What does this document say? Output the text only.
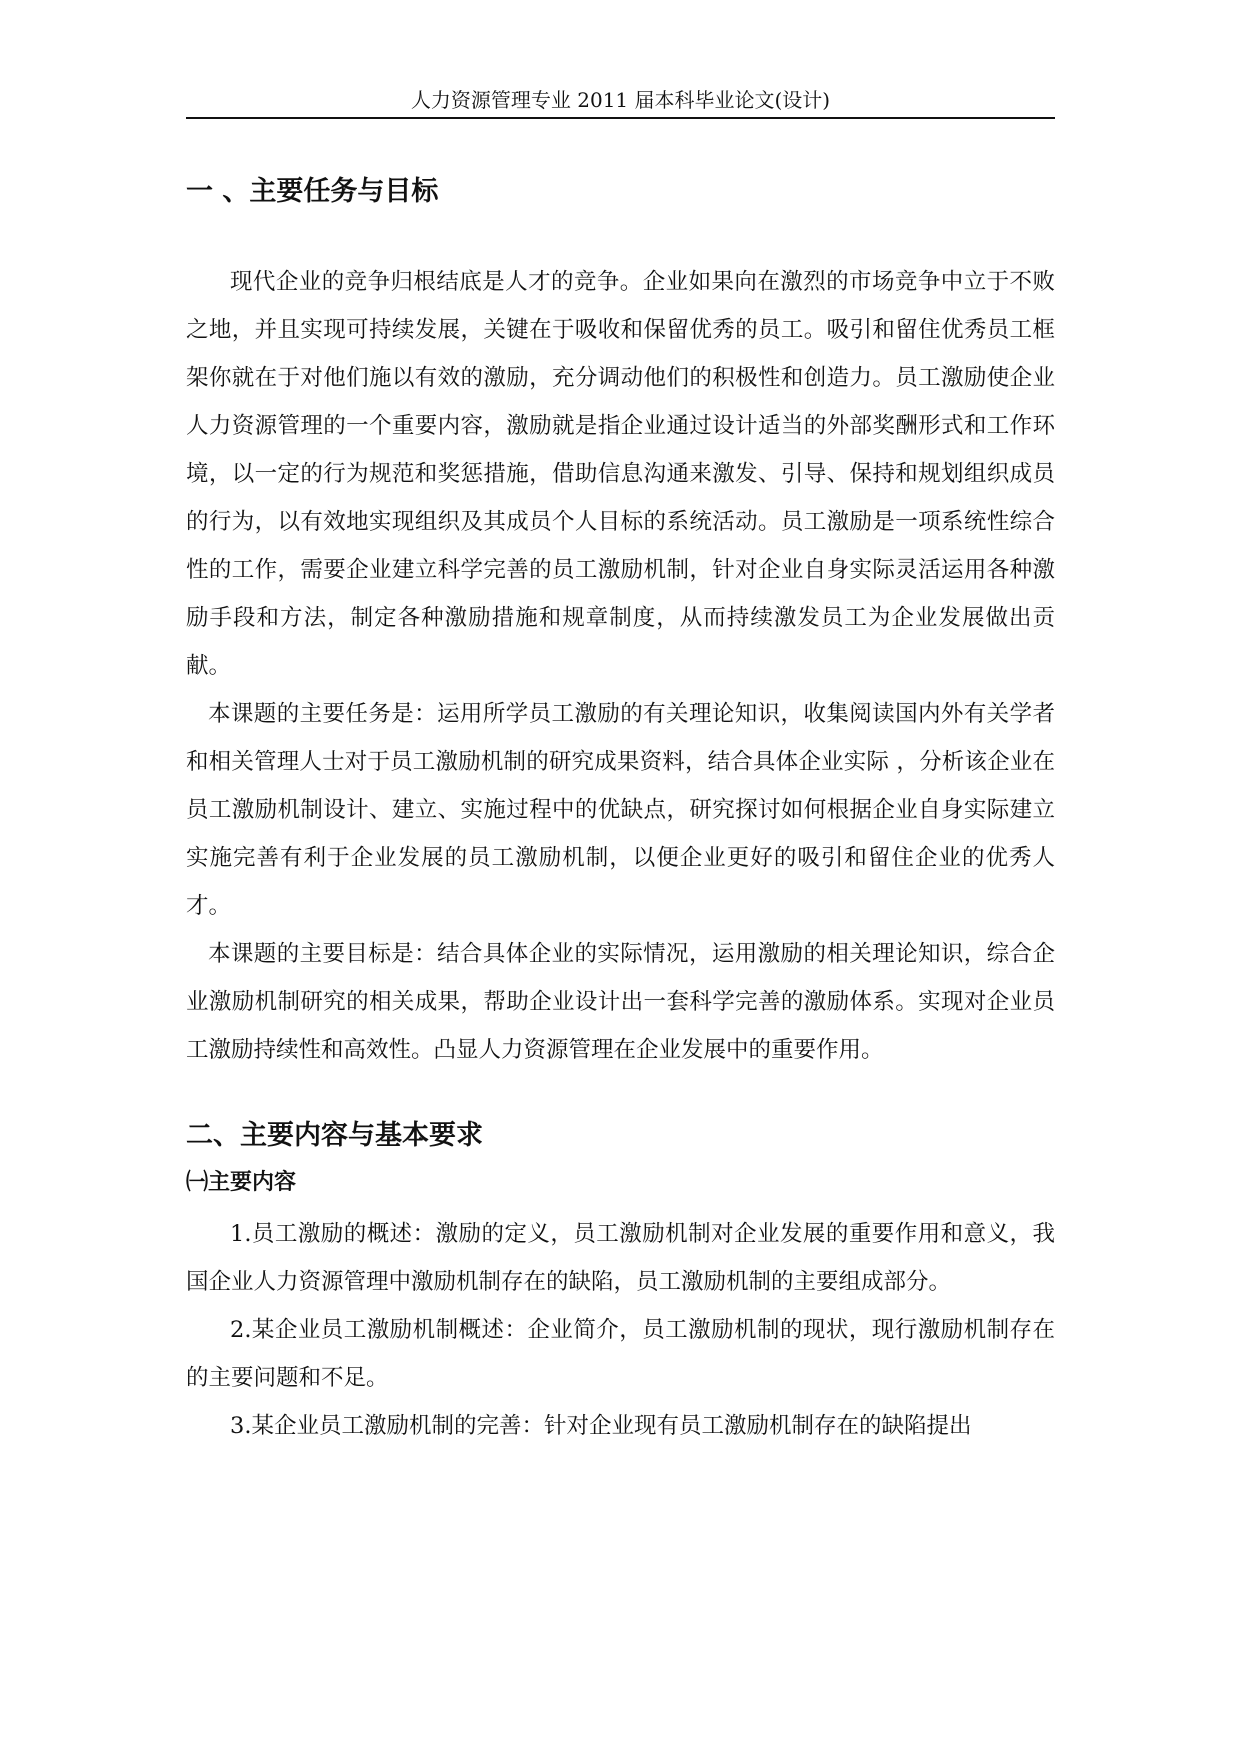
人力资源管理专业 2011 届本科毕业论文(设计)
一 、主要任务与目标

现代企业的竞争归根结底是人才的竞争。企业如果向在激烈的市场竞争中立于不败之地，并且实现可持续发展，关键在于吸收和保留优秀的员工。吸引和留住优秀员工框架你就在于对他们施以有效的激励，充分调动他们的积极性和创造力。员工激励使企业人力资源管理的一个重要内容，激励就是指企业通过设计适当的外部奖酬形式和工作环境，以一定的行为规范和奖惩措施，借助信息沟通来激发、引导、保持和规划组织成员的行为，以有效地实现组织及其成员个人目标的系统活动。员工激励是一项系统性综合性的工作，需要企业建立科学完善的员工激励机制，针对企业自身实际灵活运用各种激励手段和方法，制定各种激励措施和规章制度，从而持续激发员工为企业发展做出贡献。

本课题的主要任务是：运用所学员工激励的有关理论知识，收集阅读国内外有关学者和相关管理人士对于员工激励机制的研究成果资料，结合具体企业实际 ，分析该企业在员工激励机制设计、建立、实施过程中的优缺点，研究探讨如何根据企业自身实际建立实施完善有利于企业发展的员工激励机制，以便企业更好的吸引和留住企业的优秀人才。

本课题的主要目标是：结合具体企业的实际情况，运用激励的相关理论知识，综合企业激励机制研究的相关成果，帮助企业设计出一套科学完善的激励体系。实现对企业员工激励持续性和高效性。凸显人力资源管理在企业发展中的重要作用。

二、主要内容与基本要求
㈠主要内容

1.员工激励的概述：激励的定义，员工激励机制对企业发展的重要作用和意义，我国企业人力资源管理中激励机制存在的缺陷，员工激励机制的主要组成部分。

2.某企业员工激励机制概述：企业简介，员工激励机制的现状，现行激励机制存在的主要问题和不足。

3.某企业员工激励机制的完善：针对企业现有员工激励机制存在的缺陷提出
